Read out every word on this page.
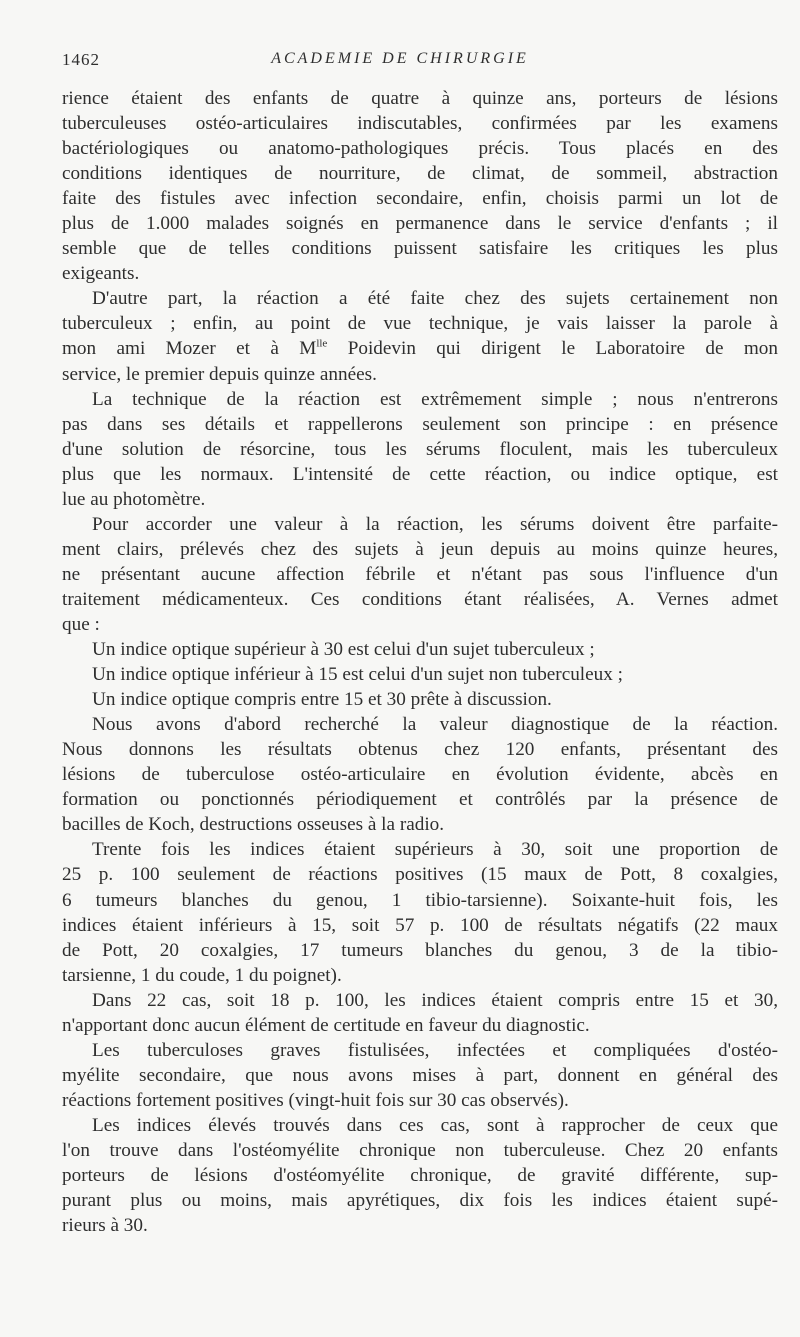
1462	ACADEMIE DE CHIRURGIE
rience étaient des enfants de quatre à quinze ans, porteurs de lésions
tuberculeuses ostéo-articulaires indiscutables, confirmées par les examens
bactériologiques ou anatomo-pathologiques précis. Tous placés en des
conditions identiques de nourriture, de climat, de sommeil, abstraction
faite des fistules avec infection secondaire, enfin, choisis parmi un lot de
plus de 1.000 malades soignés en permanence dans le service d'enfants ; il
semble que de telles conditions puissent satisfaire les critiques les plus
exigeants.
D'autre part, la réaction a été faite chez des sujets certainement non
tuberculeux ; enfin, au point de vue technique, je vais laisser la parole à
mon ami Mozer et à $M^{lle}$ Poidevin qui dirigent le Laboratoire de mon
service, le premier depuis quinze années.
La technique de la réaction est extrêmement simple ; nous n'entrerons
pas dans ses détails et rappellerons seulement son principe : en présence
d'une solution de résorcine, tous les sérums floculent, mais les tuberculeux
plus que les normaux. L'intensité de cette réaction, ou indice optique, est
lue au photomètre.
Pour accorder une valeur à la réaction, les sérums doivent être parfaite-
ment clairs, prélevés chez des sujets à jeun depuis au moins quinze heures,
ne présentant aucune affection fébrile et n'étant pas sous l'influence d'un
traitement médicamenteux. Ces conditions étant réalisées, A. Vernes admet
que :
Un indice optique supérieur à 30 est celui d'un sujet tuberculeux ;
Un indice optique inférieur à 15 est celui d'un sujet non tuberculeux ;
Un indice optique compris entre 15 et 30 prête à discussion.
Nous avons d'abord recherché la valeur diagnostique de la réaction.
Nous donnons les résultats obtenus chez 120 enfants, présentant des
lésions de tuberculose ostéo-articulaire en évolution évidente, abcès en
formation ou ponctionnés périodiquement et contrôlés par la présence de
bacilles de Koch, destructions osseuses à la radio.
Trente fois les indices étaient supérieurs à 30, soit une proportion de
25 p. 100 seulement de réactions positives (15 maux de Pott, 8 coxalgies,
6 tumeurs blanches du genou, 1 tibio-tarsienne). Soixante-huit fois, les
indices étaient inférieurs à 15, soit 57 p. 100 de résultats négatifs (22 maux
de Pott, 20 coxalgies, 17 tumeurs blanches du genou, 3 de la tibio-
tarsienne, 1 du coude, 1 du poignet).
Dans 22 cas, soit 18 p. 100, les indices étaient compris entre 15 et 30,
n'apportant donc aucun élément de certitude en faveur du diagnostic.
Les tuberculoses graves fistulisées, infectées et compliquées d'ostéo-
myélite secondaire, que nous avons mises à part, donnent en général des
réactions fortement positives (vingt-huit fois sur 30 cas observés).
Les indices élevés trouvés dans ces cas, sont à rapprocher de ceux que
l'on trouve dans l'ostéomyélite chronique non tuberculeuse. Chez 20 enfants
porteurs de lésions d'ostéomyélite chronique, de gravité différente, sup-
purant plus ou moins, mais apyrétiques, dix fois les indices étaient supé-
rieurs à 30.
